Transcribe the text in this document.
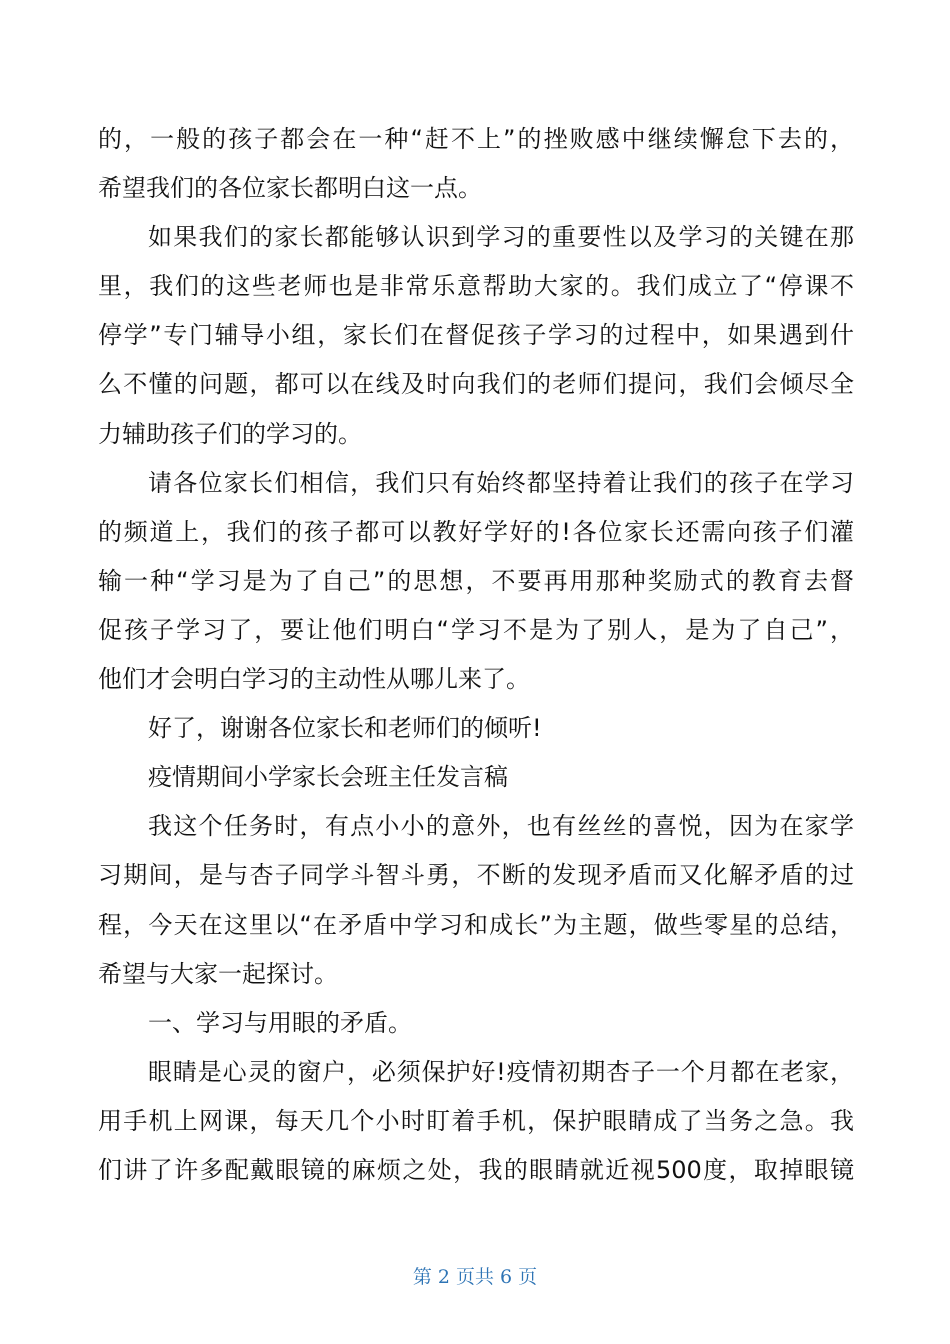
的，一般的孩子都会在一种“赶不上”的挫败感中继续懈怠下去的，
希望我们的各位家长都明白这一点。
如果我们的家长都能够认识到学习的重要性以及学习的关键在那
里，我们的这些老师也是非常乐意帮助大家的。我们成立了“停课不
停学”专门辅导小组，家长们在督促孩子学习的过程中，如果遇到什
么不懂的问题，都可以在线及时向我们的老师们提问，我们会倾尽全
力辅助孩子们的学习的。
请各位家长们相信，我们只有始终都坚持着让我们的孩子在学习
的频道上，我们的孩子都可以教好学好的!各位家长还需向孩子们灌
输一种“学习是为了自己”的思想，不要再用那种奖励式的教育去督
促孩子学习了，要让他们明白“学习不是为了别人，是为了自己”，
他们才会明白学习的主动性从哪儿来了。
好了，谢谢各位家长和老师们的倾听!
疫情期间小学家长会班主任发言稿
我这个任务时，有点小小的意外，也有丝丝的喜悦，因为在家学
习期间，是与杏子同学斗智斗勇，不断的发现矛盾而又化解矛盾的过
程，今天在这里以“在矛盾中学习和成长”为主题，做些零星的总结，
希望与大家一起探讨。
一、学习与用眼的矛盾。
眼睛是心灵的窗户，必须保护好!疫情初期杏子一个月都在老家，
用手机上网课，每天几个小时盯着手机，保护眼睛成了当务之急。我
们讲了许多配戴眼镜的麻烦之处，我的眼睛就近视500度，取掉眼镜
第 2 页共 6 页
